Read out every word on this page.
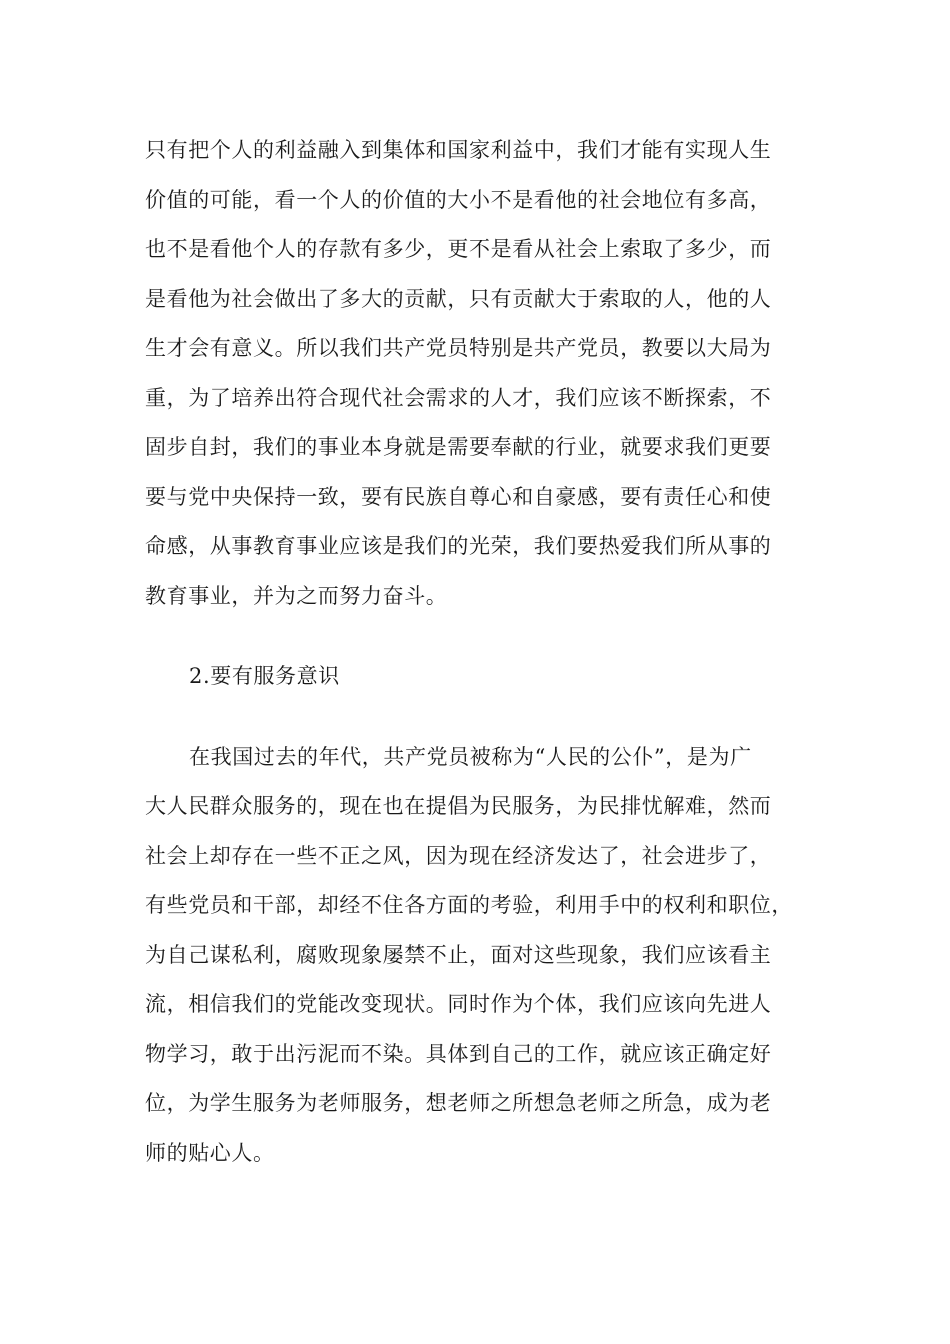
只有把个人的利益融入到集体和国家利益中，我们才能有实现人生
价值的可能，看一个人的价值的大小不是看他的社会地位有多高，
也不是看他个人的存款有多少，更不是看从社会上索取了多少，而
是看他为社会做出了多大的贡献，只有贡献大于索取的人，他的人
生才会有意义。所以我们共产党员特别是共产党员，教要以大局为
重，为了培养出符合现代社会需求的人才，我们应该不断探索，不
固步自封，我们的事业本身就是需要奉献的行业，就要求我们更要
要与党中央保持一致，要有民族自尊心和自豪感，要有责任心和使
命感，从事教育事业应该是我们的光荣，我们要热爱我们所从事的
教育事业，并为之而努力奋斗。
2.要有服务意识
在我国过去的年代，共产党员被称为“人民的公仆”，是为广
大人民群众服务的，现在也在提倡为民服务，为民排忧解难，然而
社会上却存在一些不正之风，因为现在经济发达了，社会进步了，
有些党员和干部，却经不住各方面的考验，利用手中的权利和职位，
为自己谋私利，腐败现象屡禁不止，面对这些现象，我们应该看主
流，相信我们的党能改变现状。同时作为个体，我们应该向先进人
物学习，敢于出污泥而不染。具体到自己的工作，就应该正确定好
位，为学生服务为老师服务，想老师之所想急老师之所急，成为老
师的贴心人。
